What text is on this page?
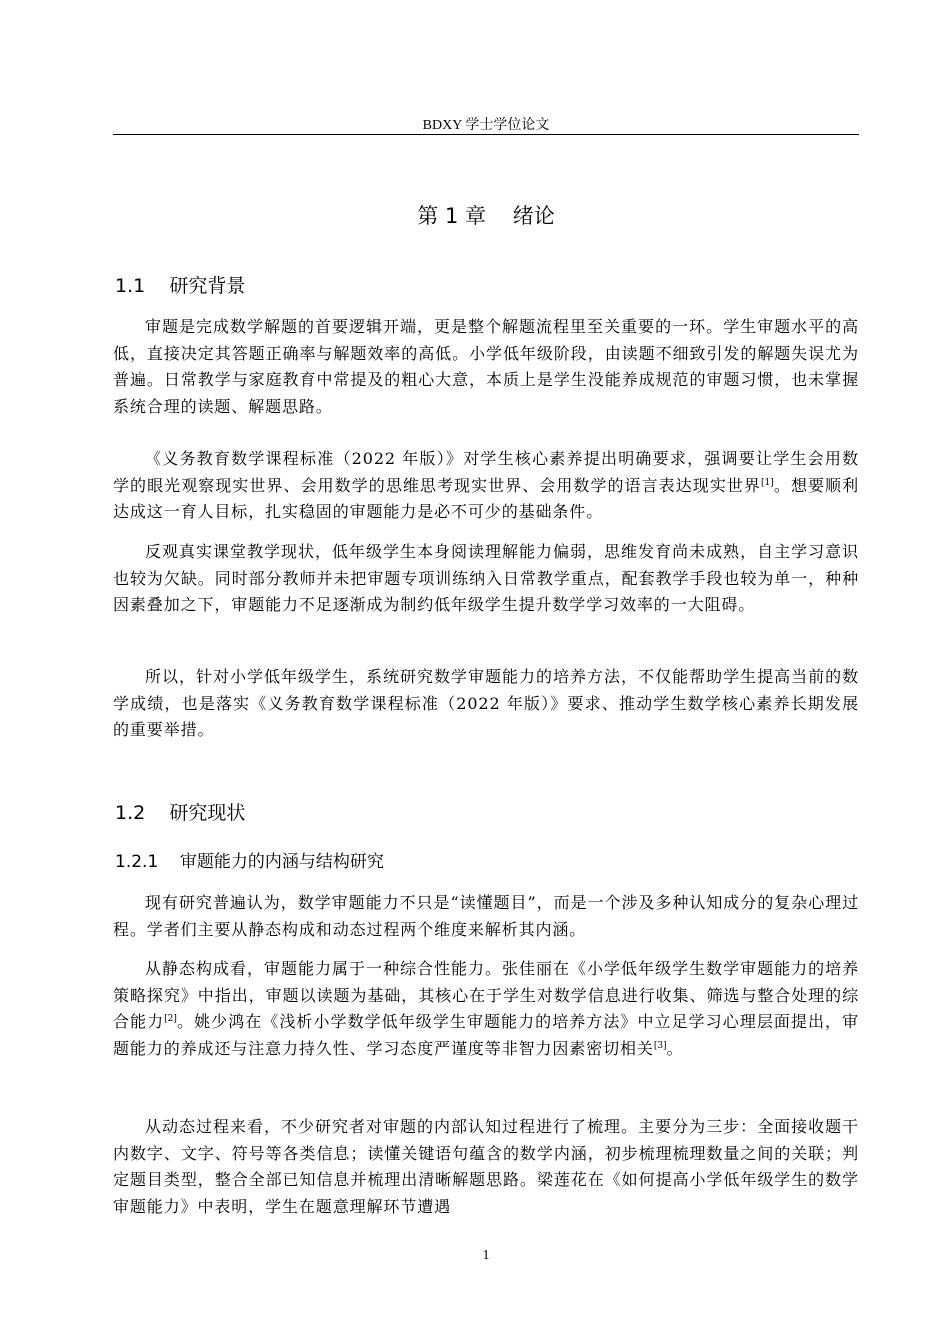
BDXY 学士学位论文
第 1 章    绪论
1.1    研究背景

审题是完成数学解题的首要逻辑开端，更是整个解题流程里至关重要的一环。学生审题水平的高低，直接决定其答题正确率与解题效率的高低。小学低年级阶段，由读题不细致引发的解题失误尤为普遍。日常教学与家庭教育中常提及的粗心大意，本质上是学生没能养成规范的审题习惯，也未掌握系统合理的读题、解题思路。

《义务教育数学课程标准（2022 年版）》对学生核心素养提出明确要求，强调要让学生会用数学的眼光观察现实世界、会用数学的思维思考现实世界、会用数学的语言表达现实世界[1]。想要顺利达成这一育人目标，扎实稳固的审题能力是必不可少的基础条件。

反观真实课堂教学现状，低年级学生本身阅读理解能力偏弱，思维发育尚未成熟，自主学习意识也较为欠缺。同时部分教师并未把审题专项训练纳入日常教学重点，配套教学手段也较为单一，种种因素叠加之下，审题能力不足逐渐成为制约低年级学生提升数学学习效率的一大阻碍。

所以，针对小学低年级学生，系统研究数学审题能力的培养方法，不仅能帮助学生提高当前的数学成绩，也是落实《义务教育数学课程标准（2022 年版）》要求、推动学生数学核心素养长期发展的重要举措。

1.2    研究现状
1.2.1    审题能力的内涵与结构研究

现有研究普遍认为，数学审题能力不只是“读懂题目”，而是一个涉及多种认知成分的复杂心理过程。学者们主要从静态构成和动态过程两个维度来解析其内涵。

从静态构成看，审题能力属于一种综合性能力。张佳丽在《小学低年级学生数学审题能力的培养策略探究》中指出，审题以读题为基础，其核心在于学生对数学信息进行收集、筛选与整合处理的综合能力[2]。姚少鸿在《浅析小学数学低年级学生审题能力的培养方法》中立足学习心理层面提出，审题能力的养成还与注意力持久性、学习态度严谨度等非智力因素密切相关[3]。

从动态过程来看，不少研究者对审题的内部认知过程进行了梳理。主要分为三步：全面接收题干内数字、文字、符号等各类信息；读懂关键语句蕴含的数学内涵，初步梳理梳理数量之间的关联；判定题目类型，整合全部已知信息并梳理出清晰解题思路。梁莲花在《如何提高小学低年级学生的数学审题能力》中表明，学生在题意理解环节遭遇

1
